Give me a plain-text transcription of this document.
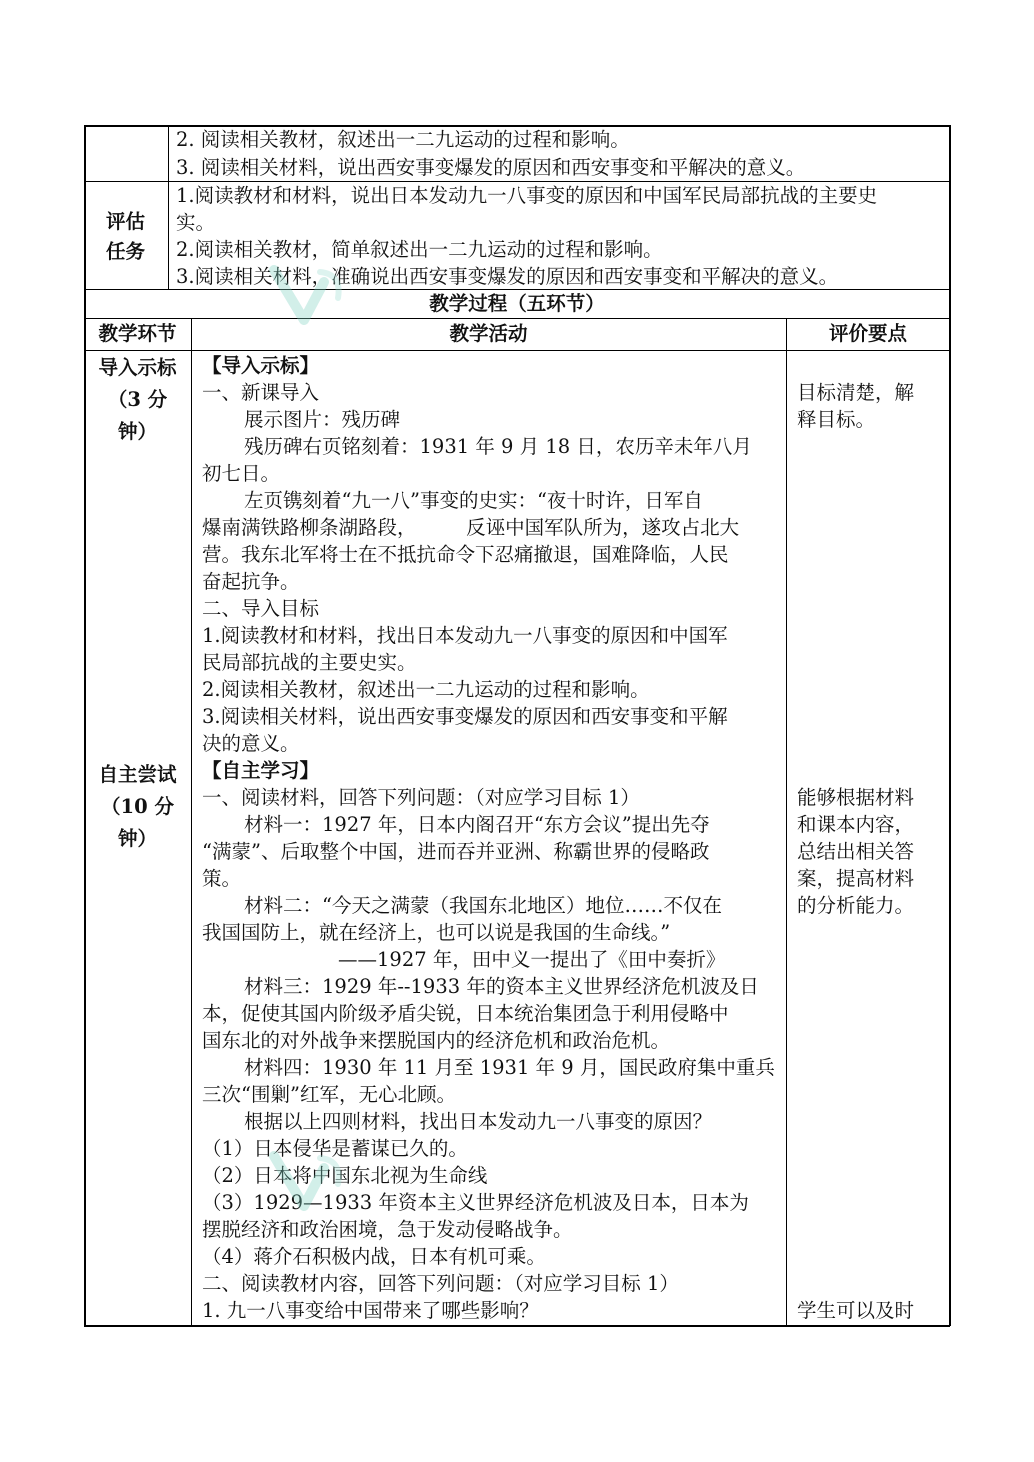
2. 阅读相关教材，叙述出一二九运动的过程和影响。
3. 阅读相关材料，说出西安事变爆发的原因和西安事变和平解决的意义。
评估
任务
1.阅读教材和材料，说出日本发动九一八事变的原因和中国军民局部抗战的主要史
实。
2.阅读相关教材，简单叙述出一二九运动的过程和影响。
3.阅读相关材料，准确说出西安事变爆发的原因和西安事变和平解决的意义。
教学过程（五环节）
教学环节	教学活动	评价要点
导入示标
（3 分
钟）
自主尝试
（10 分
钟）
【导入示标】
一、新课导入
展示图片：残历碑
残历碑右页铭刻着：1931 年 9 月 18 日，农历辛未年八月
初七日。
左页镌刻着“九一八”事变的史实：“夜十时许，日军自
爆南满铁路柳条湖路段，        反诬中国军队所为，遂攻占北大
营。我东北军将士在不抵抗命令下忍痛撤退，国难降临，人民
奋起抗争。
二、导入目标
1.阅读教材和材料，找出日本发动九一八事变的原因和中国军
民局部抗战的主要史实。
2.阅读相关教材，叙述出一二九运动的过程和影响。
3.阅读相关材料，说出西安事变爆发的原因和西安事变和平解
决的意义。
【自主学习】
一、阅读材料，回答下列问题：（对应学习目标 1）
材料一：1927 年，日本内阁召开“东方会议”提出先夺
“满蒙”、后取整个中国，进而吞并亚洲、称霸世界的侵略政
策。
材料二：“今天之满蒙（我国东北地区）地位……不仅在
我国国防上，就在经济上，也可以说是我国的生命线。”
——1927 年，田中义一提出了《田中奏折》
材料三：1929 年--1933 年的资本主义世界经济危机波及日
本，促使其国内阶级矛盾尖锐，日本统治集团急于利用侵略中
国东北的对外战争来摆脱国内的经济危机和政治危机。
材料四：1930 年 11 月至 1931 年 9 月，国民政府集中重兵
三次“围剿”红军，无心北顾。
根据以上四则材料，找出日本发动九一八事变的原因？
（1）日本侵华是蓄谋已久的。
（2）日本将中国东北视为生命线
（3）1929—1933 年资本主义世界经济危机波及日本，日本为
摆脱经济和政治困境，急于发动侵略战争。
（4）蒋介石积极内战，日本有机可乘。
二、阅读教材内容，回答下列问题：（对应学习目标 1）
1. 九一八事变给中国带来了哪些影响？
目标清楚，解
释目标。
能够根据材料
和课本内容，
总结出相关答
案，提高材料
的分析能力。
学生可以及时
